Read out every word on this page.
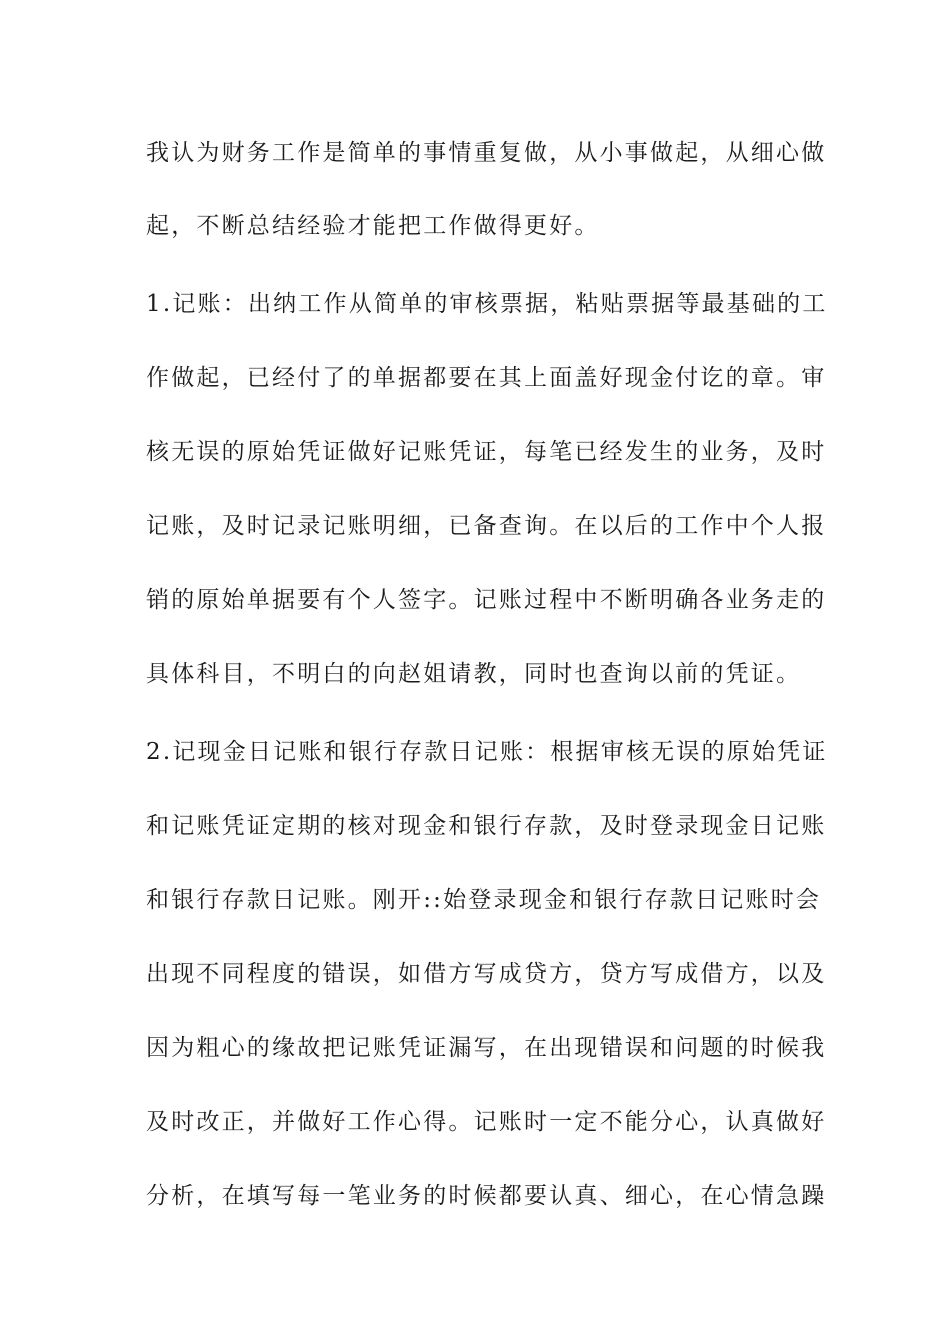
我认为财务工作是简单的事情重复做，从小事做起，从细心做
起，不断总结经验才能把工作做得更好。
1.记账：出纳工作从简单的审核票据，粘贴票据等最基础的工
作做起，已经付了的单据都要在其上面盖好现金付讫的章。审
核无误的原始凭证做好记账凭证，每笔已经发生的业务，及时
记账，及时记录记账明细，已备查询。在以后的工作中个人报
销的原始单据要有个人签字。记账过程中不断明确各业务走的
具体科目，不明白的向赵姐请教，同时也查询以前的凭证。
2.记现金日记账和银行存款日记账：根据审核无误的原始凭证
和记账凭证定期的核对现金和银行存款，及时登录现金日记账
和银行存款日记账。刚开::始登录现金和银行存款日记账时会
出现不同程度的错误，如借方写成贷方，贷方写成借方，以及
因为粗心的缘故把记账凭证漏写，在出现错误和问题的时候我
及时改正，并做好工作心得。记账时一定不能分心，认真做好
分析，在填写每一笔业务的时候都要认真、细心，在心情急躁
